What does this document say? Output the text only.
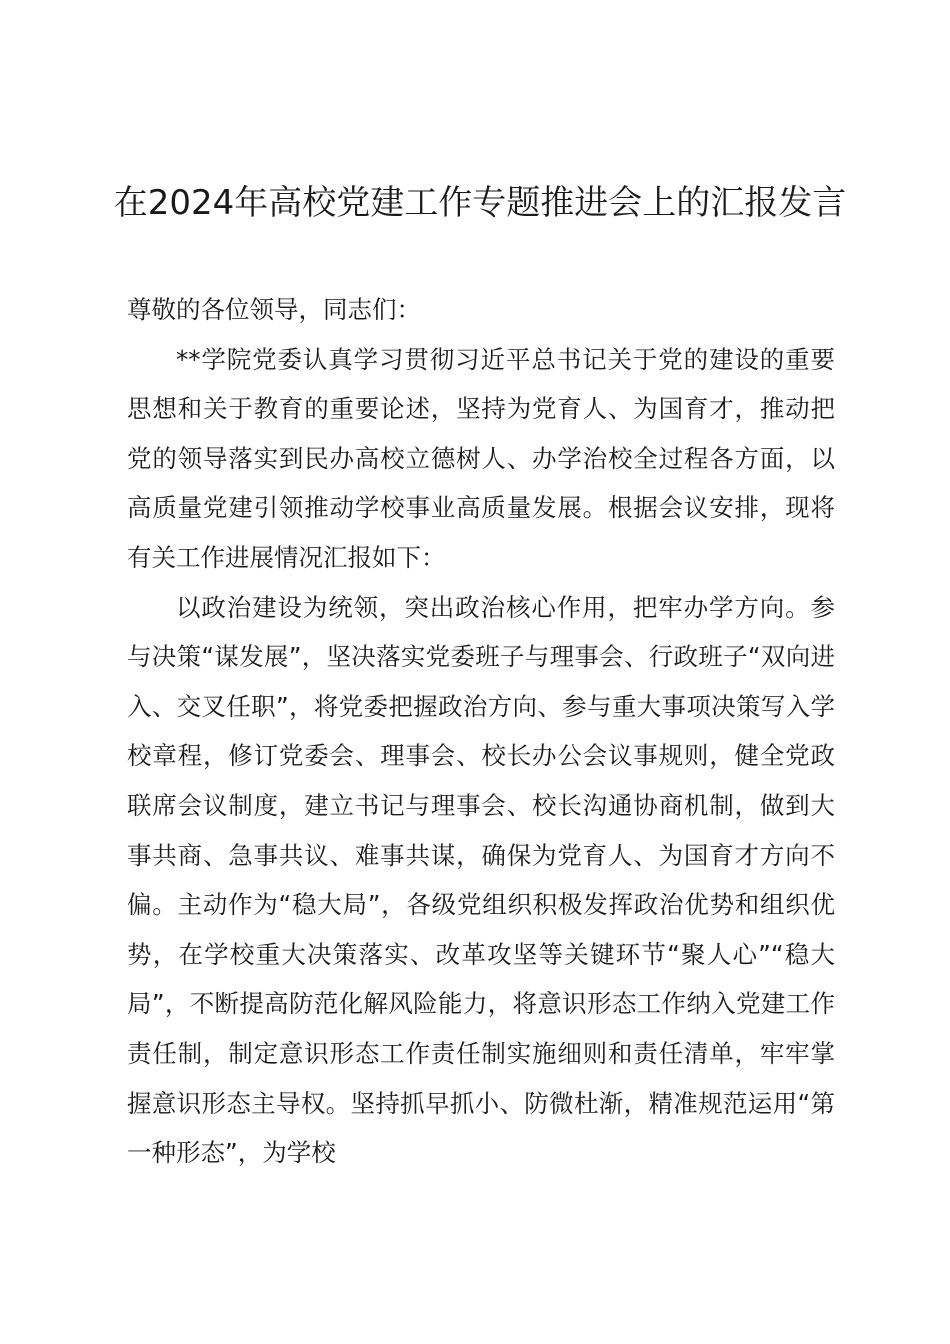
在2024年高校党建工作专题推进会上的汇报发言

尊敬的各位领导，同志们：

**学院党委认真学习贯彻习近平总书记关于党的建设的重要思想和关于教育的重要论述，坚持为党育人、为国育才，推动把党的领导落实到民办高校立德树人、办学治校全过程各方面，以高质量党建引领推动学校事业高质量发展。根据会议安排，现将有关工作进展情况汇报如下：

以政治建设为统领，突出政治核心作用，把牢办学方向。参与决策“谋发展”，坚决落实党委班子与理事会、行政班子“双向进入、交叉任职”，将党委把握政治方向、参与重大事项决策写入学校章程，修订党委会、理事会、校长办公会议事规则，健全党政联席会议制度，建立书记与理事会、校长沟通协商机制，做到大事共商、急事共议、难事共谋，确保为党育人、为国育才方向不偏。主动作为“稳大局”，各级党组织积极发挥政治优势和组织优势，在学校重大决策落实、改革攻坚等关键环节“聚人心”“稳大局”，不断提高防范化解风险能力，将意识形态工作纳入党建工作责任制，制定意识形态工作责任制实施细则和责任清单，牢牢掌握意识形态主导权。坚持抓早抓小、防微杜渐，精准规范运用“第一种形态”，为学校
